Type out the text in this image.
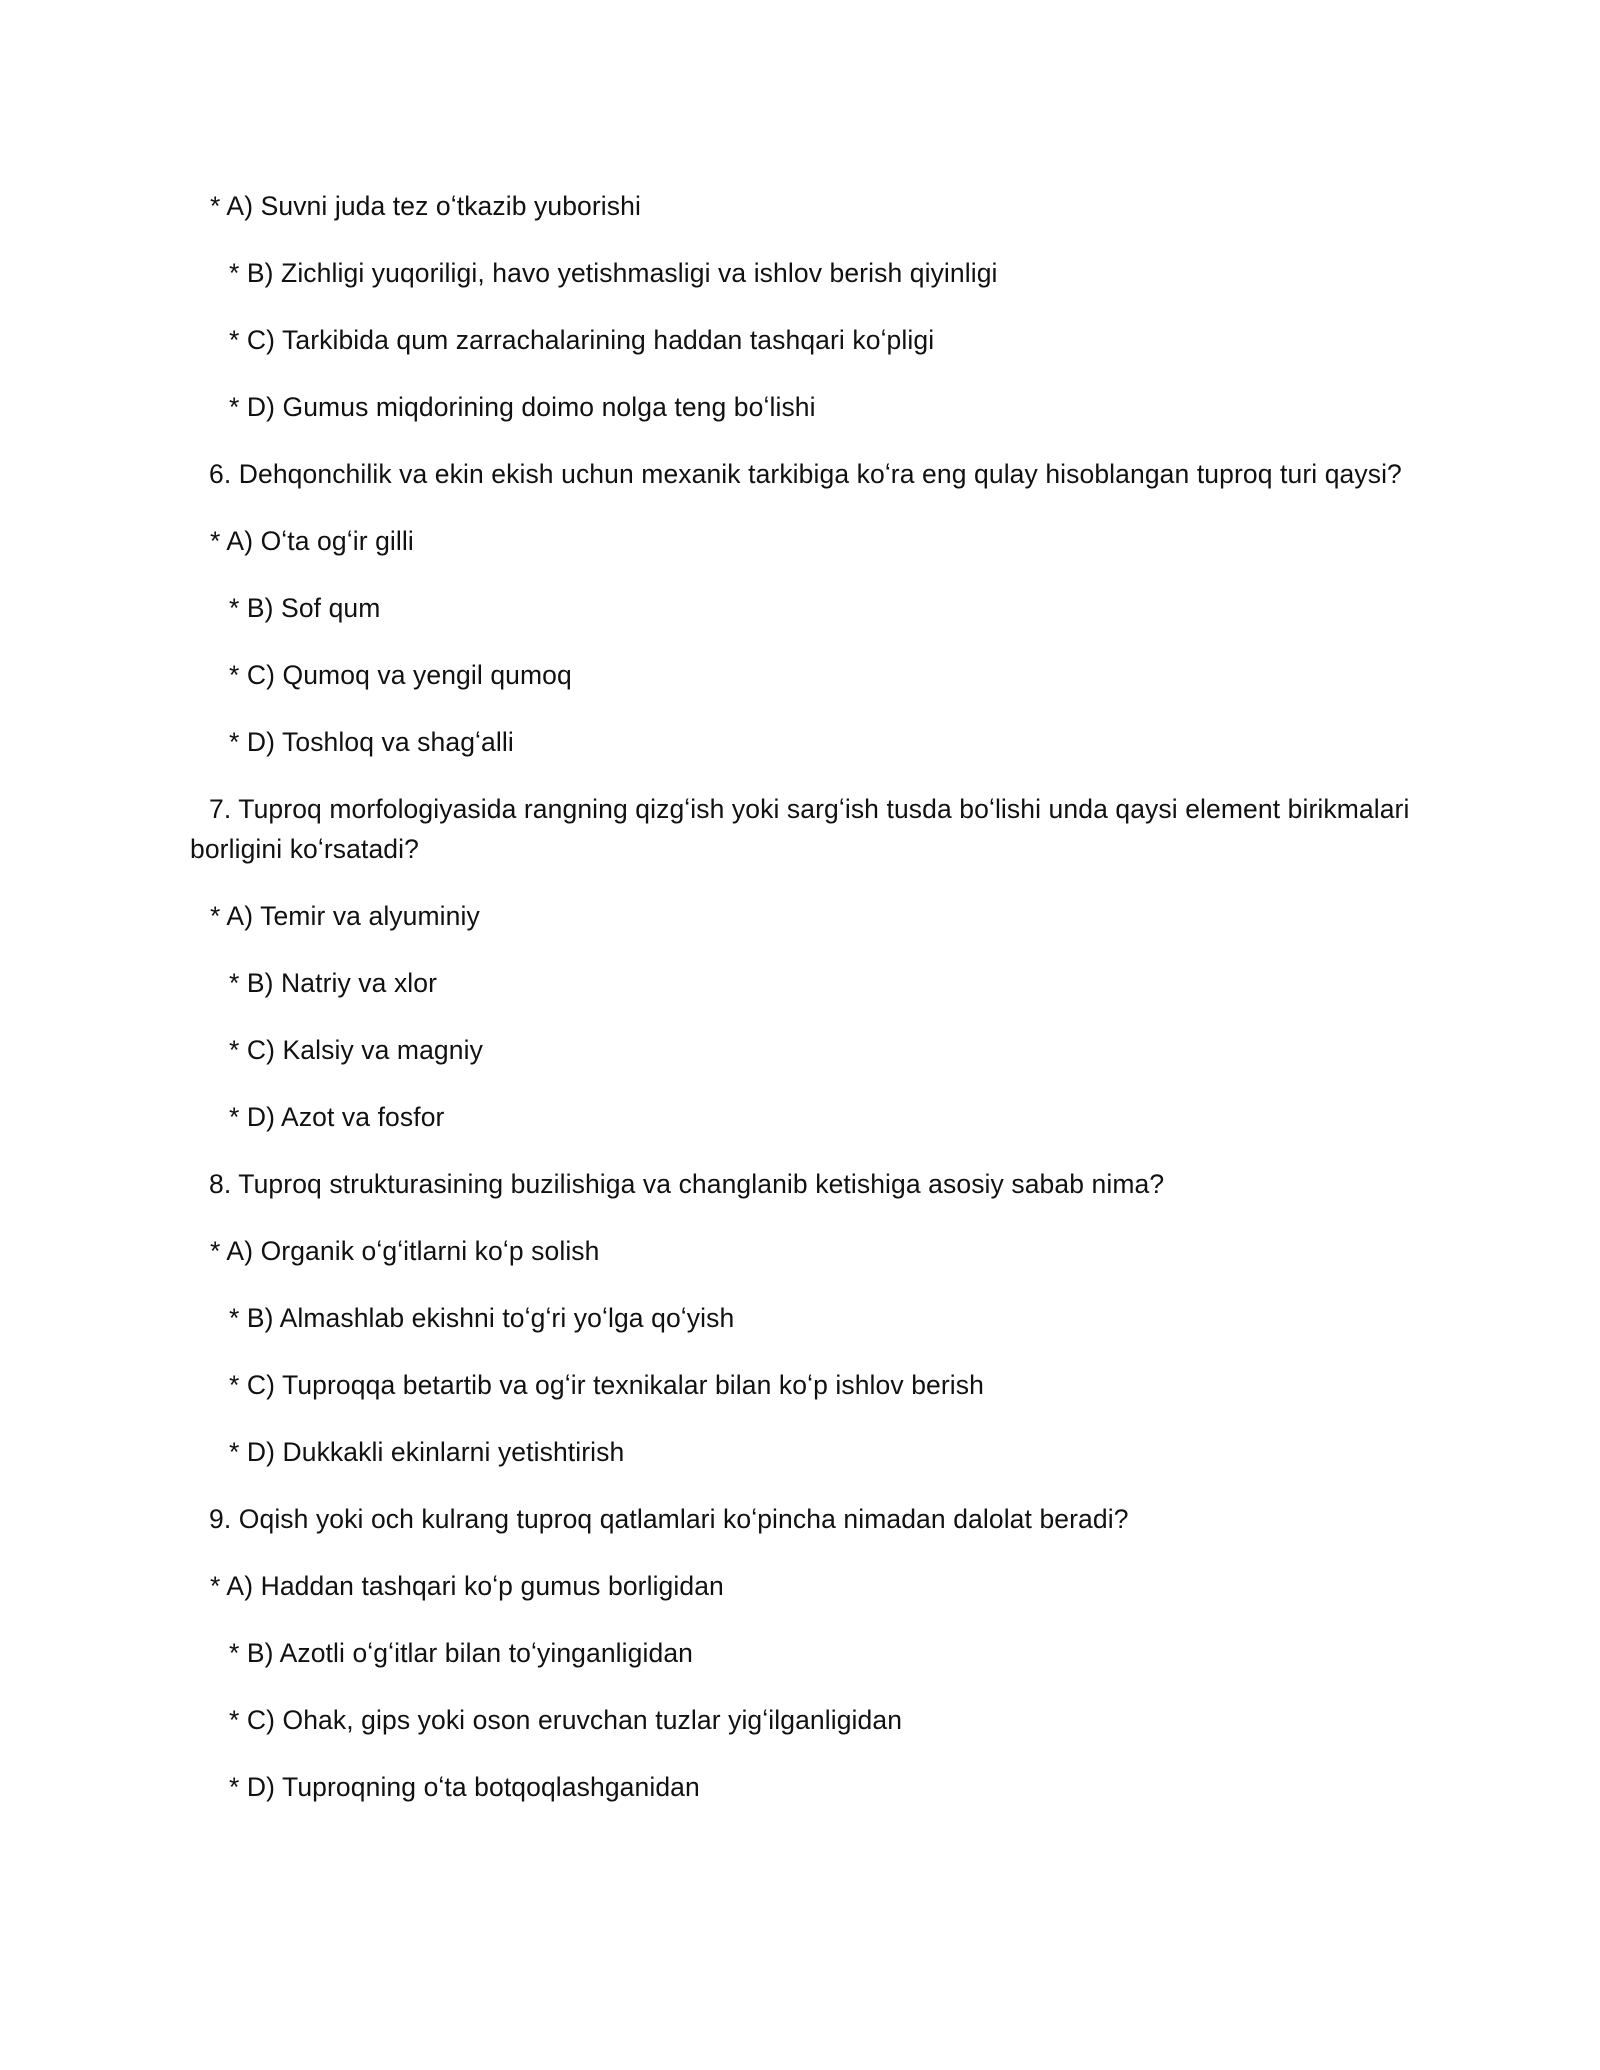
* A) Suvni juda tez oʻtkazib yuborishi
* B) Zichligi yuqoriligi, havo yetishmasligi va ishlov berish qiyinligi
* C) Tarkibida qum zarrachalarining haddan tashqari koʻpligi
* D) Gumus miqdorining doimo nolga teng boʻlishi
6. Dehqonchilik va ekin ekish uchun mexanik tarkibiga koʻra eng qulay hisoblangan tuproq turi qaysi?
* A) Oʻta ogʻir gilli
* B) Sof qum
* C) Qumoq va yengil qumoq
* D) Toshloq va shagʻalli
7. Tuproq morfologiyasida rangning qizgʻish yoki sargʻish tusda boʻlishi unda qaysi element birikmalari
borligini koʻrsatadi?
* A) Temir va alyuminiy
* B) Natriy va xlor
* C) Kalsiy va magniy
* D) Azot va fosfor
8. Tuproq strukturasining buzilishiga va changlanib ketishiga asosiy sabab nima?
* A) Organik oʻgʻitlarni koʻp solish
* B) Almashlab ekishni toʻgʻri yoʻlga qoʻyish
* C) Tuproqqa betartib va ogʻir texnikalar bilan koʻp ishlov berish
* D) Dukkakli ekinlarni yetishtirish
9. Oqish yoki och kulrang tuproq qatlamlari koʻpincha nimadan dalolat beradi?
* A) Haddan tashqari koʻp gumus borligidan
* B) Azotli oʻgʻitlar bilan toʻyinganligidan
* C) Ohak, gips yoki oson eruvchan tuzlar yigʻilganligidan
* D) Tuproqning oʻta botqoqlashganidan
